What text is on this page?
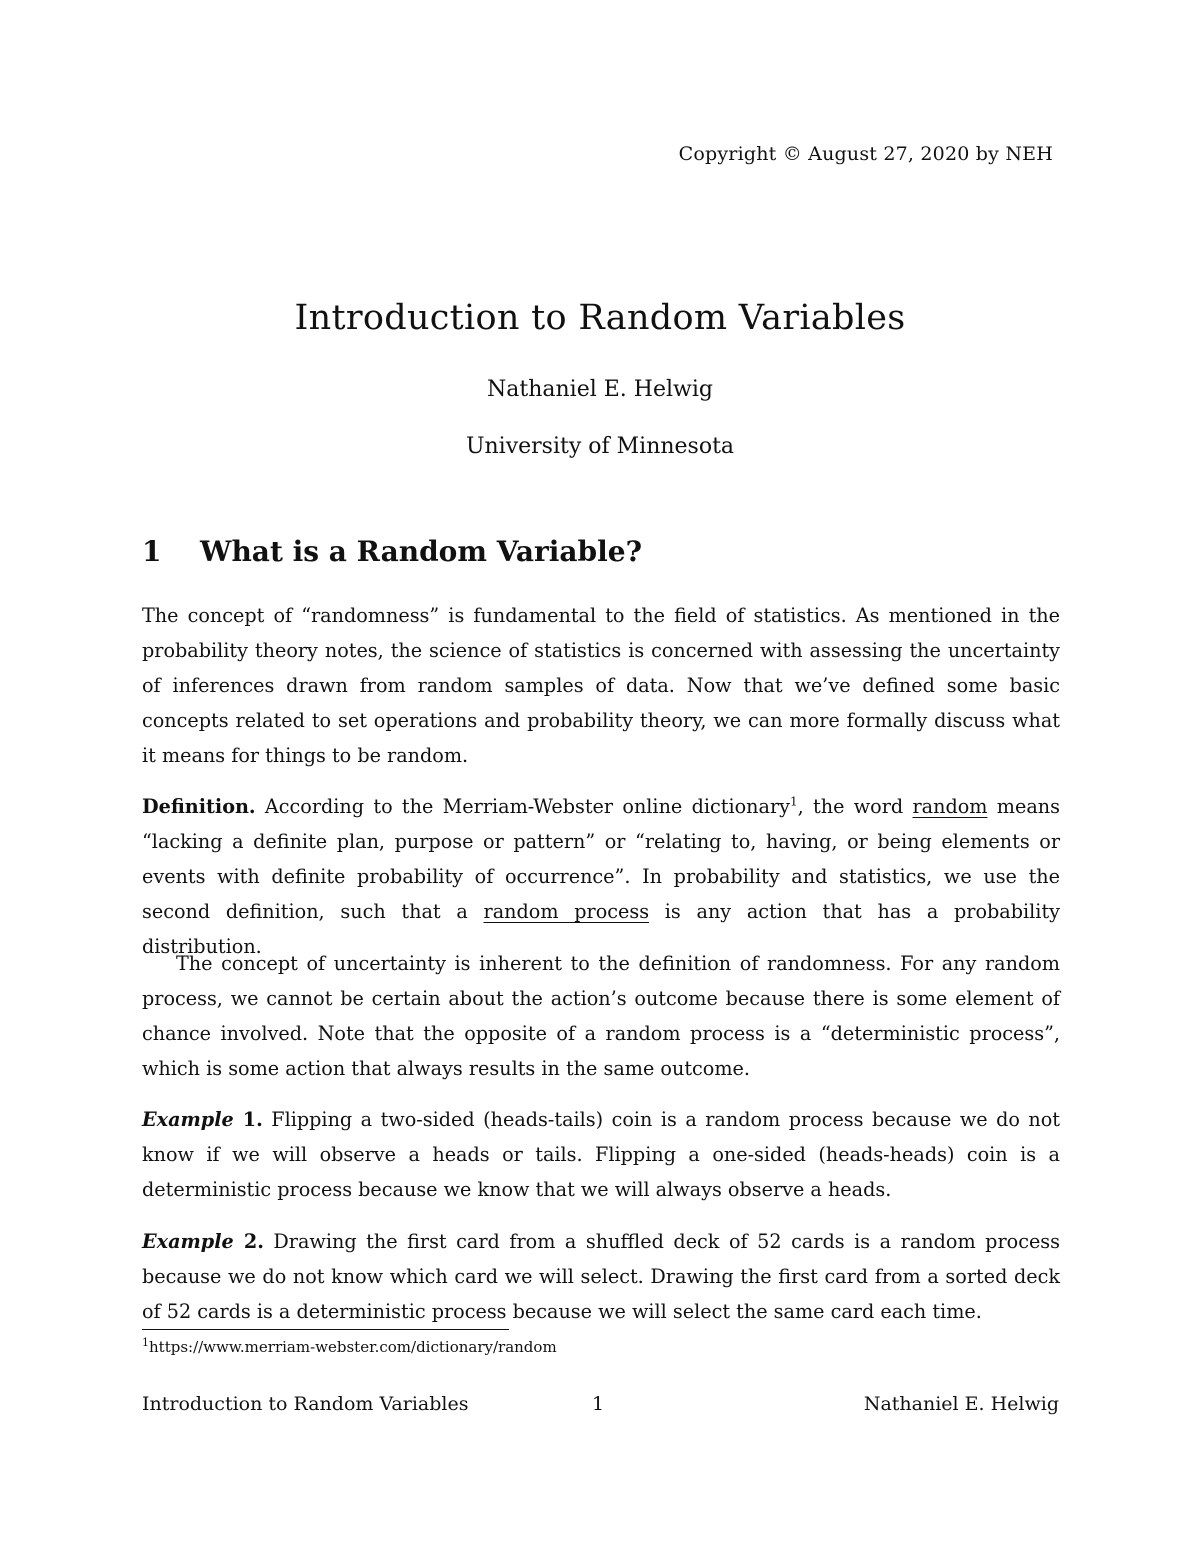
Copyright © August 27, 2020 by NEH
Introduction to Random Variables
Nathaniel E. Helwig
University of Minnesota
1 What is a Random Variable?
The concept of “randomness” is fundamental to the field of statistics. As mentioned in the probability theory notes, the science of statistics is concerned with assessing the uncertainty of inferences drawn from random samples of data. Now that we’ve defined some basic concepts related to set operations and probability theory, we can more formally discuss what it means for things to be random.
Definition. According to the Merriam-Webster online dictionary$^1$, the word random means “lacking a definite plan, purpose or pattern” or “relating to, having, or being elements or events with definite probability of occurrence”. In probability and statistics, we use the second definition, such that a random process is any action that has a probability distribution.
The concept of uncertainty is inherent to the definition of randomness. For any random process, we cannot be certain about the action’s outcome because there is some element of chance involved. Note that the opposite of a random process is a “deterministic process”, which is some action that always results in the same outcome.
Example 1. Flipping a two-sided (heads-tails) coin is a random process because we do not know if we will observe a heads or tails. Flipping a one-sided (heads-heads) coin is a deterministic process because we know that we will always observe a heads.
Example 2. Drawing the first card from a shuffled deck of 52 cards is a random process because we do not know which card we will select. Drawing the first card from a sorted deck of 52 cards is a deterministic process because we will select the same card each time.
$^1$https://www.merriam-webster.com/dictionary/random
Introduction to Random Variables	1	Nathaniel E. Helwig
